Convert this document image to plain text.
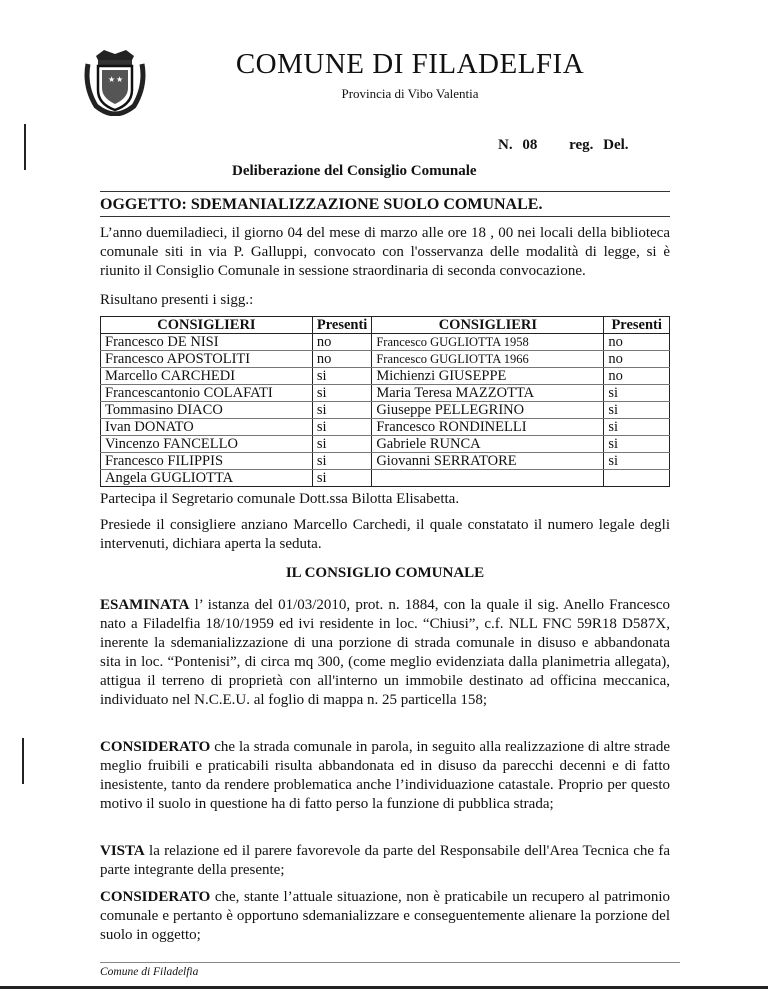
★ ★	COMUNE DI FILADELFIA
Provincia di Vibo Valentia
N. 08 reg. Del.
Deliberazione del Consiglio Comunale
OGGETTO: SDEMANIALIZZAZIONE SUOLO COMUNALE.

L’anno duemiladieci, il giorno 04 del mese di marzo alle ore 18 , 00 nei locali della biblioteca comunale siti in via P. Galluppi, convocato con l'osservanza delle modalità di legge, si è riunito il Consiglio Comunale in sessione straordinaria di seconda convocazione.

Risultano presenti i sigg.:
CONSIGLIERI	Presenti	CONSIGLIERI	Presenti
Francesco DE NISI	no	Francesco GUGLIOTTA 1958	no
Francesco APOSTOLITI	no	Francesco GUGLIOTTA 1966	no
Marcello CARCHEDI	si	Michienzi GIUSEPPE	no
Francescantonio COLAFATI	si	Maria Teresa MAZZOTTA	si
Tommasino DIACO	si	Giuseppe PELLEGRINO	si
Ivan DONATO	si	Francesco RONDINELLI	si
Vincenzo FANCELLO	si	Gabriele RUNCA	si
Francesco FILIPPIS	si	Giovanni SERRATORE	si
Angela GUGLIOTTA	si		

Partecipa il Segretario comunale Dott.ssa Bilotta Elisabetta.

Presiede il consigliere anziano Marcello Carchedi, il quale constatato il numero legale degli intervenuti, dichiara aperta la seduta.

IL CONSIGLIO COMUNALE

ESAMINATA l’ istanza del 01/03/2010, prot. n. 1884, con la quale il sig. Anello Francesco nato a Filadelfia 18/10/1959 ed ivi residente in loc. “Chiusi”, c.f. NLL FNC 59R18 D587X, inerente la sdemanializzazione di una porzione di strada comunale in disuso e abbandonata sita in loc. “Pontenisi”, di circa mq 300, (come meglio evidenziata dalla planimetria allegata), attigua il terreno di proprietà con all'interno un immobile destinato ad officina meccanica, individuato nel N.C.E.U. al foglio di mappa n. 25 particella 158;

CONSIDERATO che la strada comunale in parola, in seguito alla realizzazione di altre strade meglio fruibili e praticabili risulta abbandonata ed in disuso da parecchi decenni e di fatto inesistente, tanto da rendere problematica anche l’individuazione catastale. Proprio per questo motivo il suolo in questione ha di fatto perso la funzione di pubblica strada;

VISTA la relazione ed il parere favorevole da parte del Responsabile dell'Area Tecnica che fa parte integrante della presente;

CONSIDERATO che, stante l’attuale situazione, non è praticabile un recupero al patrimonio comunale e pertanto è opportuno sdemanializzare e conseguentemente alienare la porzione del suolo in oggetto;

Comune di Filadelfia
